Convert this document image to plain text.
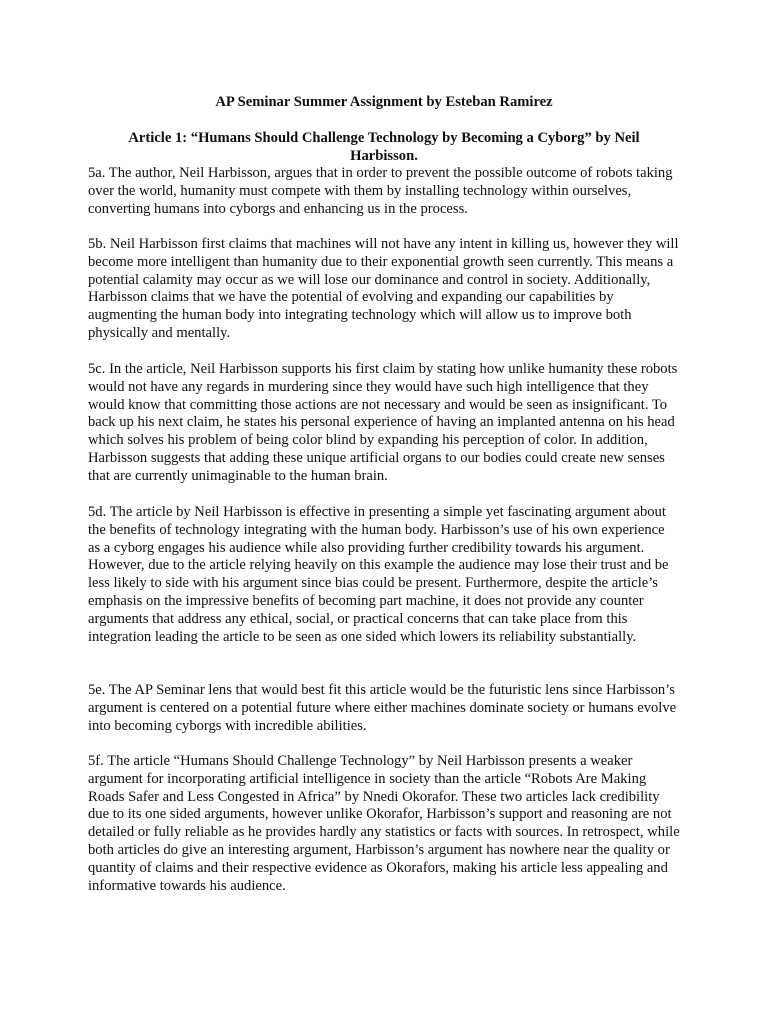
AP Seminar Summer Assignment by Esteban Ramirez
Article 1: “Humans Should Challenge Technology by Becoming a Cyborg” by Neil Harbisson.

5a. The author, Neil Harbisson, argues that in order to prevent the possible outcome of robots taking over the world, humanity must compete with them by installing technology within ourselves, converting humans into cyborgs and enhancing us in the process.

5b. Neil Harbisson first claims that machines will not have any intent in killing us, however they will become more intelligent than humanity due to their exponential growth seen currently. This means a potential calamity may occur as we will lose our dominance and control in society. Additionally, Harbisson claims that we have the potential of evolving and expanding our capabilities by augmenting the human body into integrating technology which will allow us to improve both physically and mentally.

5c. In the article, Neil Harbisson supports his first claim by stating how unlike humanity these robots would not have any regards in murdering since they would have such high intelligence that they would know that committing those actions are not necessary and would be seen as insignificant. To back up his next claim, he states his personal experience of having an implanted antenna on his head which solves his problem of being color blind by expanding his perception of color. In addition, Harbisson suggests that adding these unique artificial organs to our bodies could create new senses that are currently unimaginable to the human brain.

5d. The article by Neil Harbisson is effective in presenting a simple yet fascinating argument about the benefits of technology integrating with the human body. Harbisson’s use of his own experience as a cyborg engages his audience while also providing further credibility towards his argument. However, due to the article relying heavily on this example the audience may lose their trust and be less likely to side with his argument since bias could be present. Furthermore, despite the article’s emphasis on the impressive benefits of becoming part machine, it does not provide any counter arguments that address any ethical, social, or practical concerns that can take place from this integration leading the article to be seen as one sided which lowers its reliability substantially.

5e. The AP Seminar lens that would best fit this article would be the futuristic lens since Harbisson’s argument is centered on a potential future where either machines dominate society or humans evolve into becoming cyborgs with incredible abilities.

5f. The article “Humans Should Challenge Technology” by Neil Harbisson presents a weaker argument for incorporating artificial intelligence in society than the article “Robots Are Making Roads Safer and Less Congested in Africa” by Nnedi Okorafor. These two articles lack credibility due to its one sided arguments, however unlike Okorafor, Harbisson’s support and reasoning are not detailed or fully reliable as he provides hardly any statistics or facts with sources. In retrospect, while both articles do give an interesting argument, Harbisson’s argument has nowhere near the quality or quantity of claims and their respective evidence as Okorafors, making his article less appealing and informative towards his audience.
